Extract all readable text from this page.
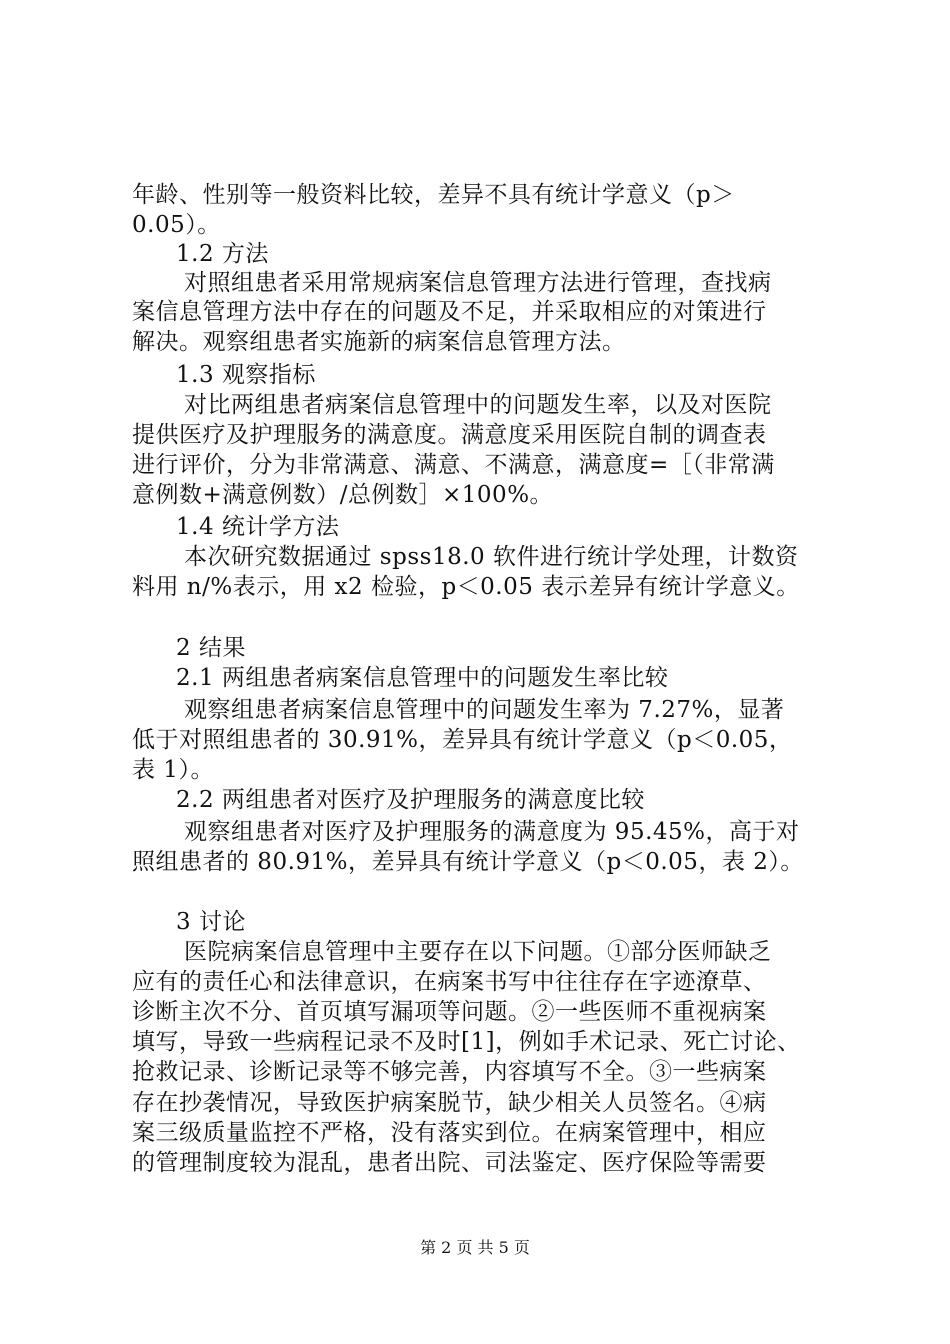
年龄、性别等一般资料比较，差异不具有统计学意义（p＞
0.05）。
1.2 方法
对照组患者采用常规病案信息管理方法进行管理，查找病
案信息管理方法中存在的问题及不足，并采取相应的对策进行
解决。观察组患者实施新的病案信息管理方法。
1.3 观察指标
对比两组患者病案信息管理中的问题发生率，以及对医院
提供医疗及护理服务的满意度。满意度采用医院自制的调查表
进行评价，分为非常满意、满意、不满意，满意度=［（非常满
意例数+满意例数）/总例数］×100%。
1.4 统计学方法
本次研究数据通过 spss18.0 软件进行统计学处理，计数资
料用 n/%表示，用 x2 检验，p＜0.05 表示差异有统计学意义。
2 结果
2.1 两组患者病案信息管理中的问题发生率比较
观察组患者病案信息管理中的问题发生率为 7.27%，显著
低于对照组患者的 30.91%，差异具有统计学意义（p＜0.05，
表 1）。
2.2 两组患者对医疗及护理服务的满意度比较
观察组患者对医疗及护理服务的满意度为 95.45%，高于对
照组患者的 80.91%，差异具有统计学意义（p＜0.05，表 2）。
3 讨论
医院病案信息管理中主要存在以下问题。①部分医师缺乏
应有的责任心和法律意识，在病案书写中往往存在字迹潦草、
诊断主次不分、首页填写漏项等问题。②一些医师不重视病案
填写，导致一些病程记录不及时[1]，例如手术记录、死亡讨论、
抢救记录、诊断记录等不够完善，内容填写不全。③一些病案
存在抄袭情况，导致医护病案脱节，缺少相关人员签名。④病
案三级质量监控不严格，没有落实到位。在病案管理中，相应
的管理制度较为混乱，患者出院、司法鉴定、医疗保险等需要
第 2 页 共 5 页
